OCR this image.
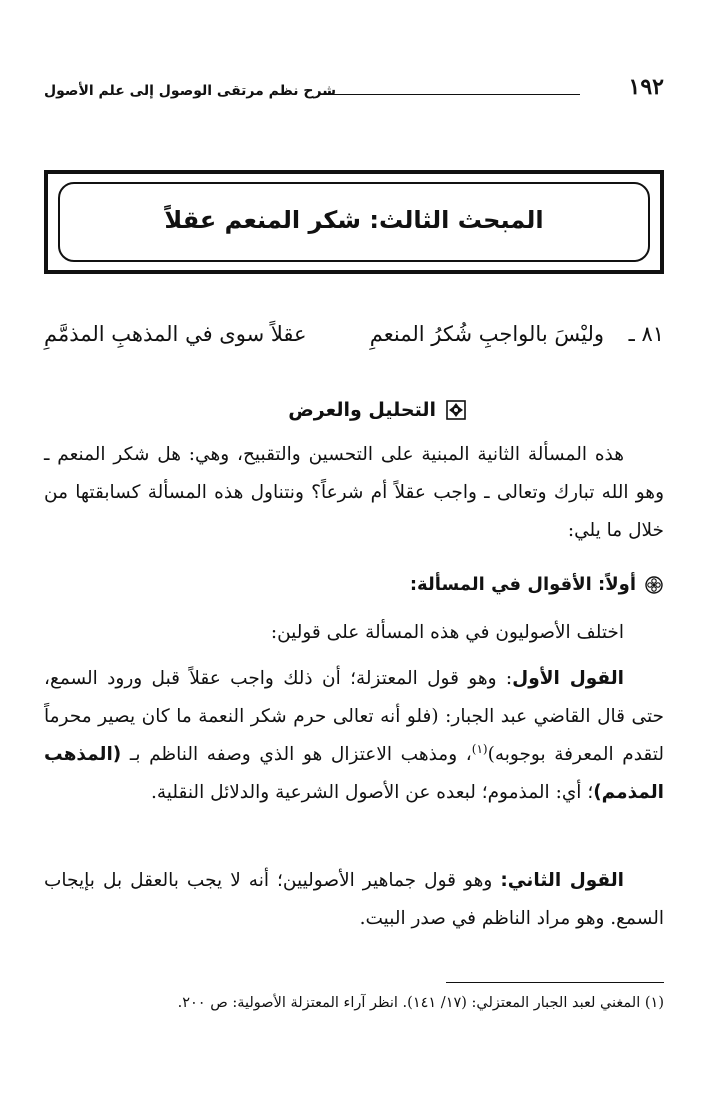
١٩٢
شرح نظم مرتقى الوصول إلى علم الأصول
المبحث الثالث: شكر المنعم عقلاً
٨١ ـ
وليْسَ بالواجبِ شُكرُ المنعمِ
عقلاً سوى في المذهبِ المذمَّمِ
التحليل والعرض

هذه المسألة الثانية المبنية على التحسين والتقبيح، وهي: هل شكر المنعم ـ وهو الله تبارك وتعالى ـ واجب عقلاً أم شرعاً؟ ونتناول هذه المسألة كسابقتها من خلال ما يلي:

أولاً: الأقوال في المسألة:

اختلف الأصوليون في هذه المسألة على قولين:

القول الأول: وهو قول المعتزلة؛ أن ذلك واجب عقلاً قبل ورود السمع، حتى قال القاضي عبد الجبار: (فلو أنه تعالى حرم شكر النعمة ما كان يصير محرماً لتقدم المعرفة بوجوبه)$^{(١)}$، ومذهب الاعتزال هو الذي وصفه الناظم بـ (المذهب المذمم)؛ أي: المذموم؛ لبعده عن الأصول الشرعية والدلائل النقلية.

القول الثاني: وهو قول جماهير الأصوليين؛ أنه لا يجب بالعقل بل بإيجاب السمع. وهو مراد الناظم في صدر البيت.

(١) المغني لعبد الجبار المعتزلي: (١٧/ ١٤١). انظر آراء المعتزلة الأصولية: ص ٢٠٠.
